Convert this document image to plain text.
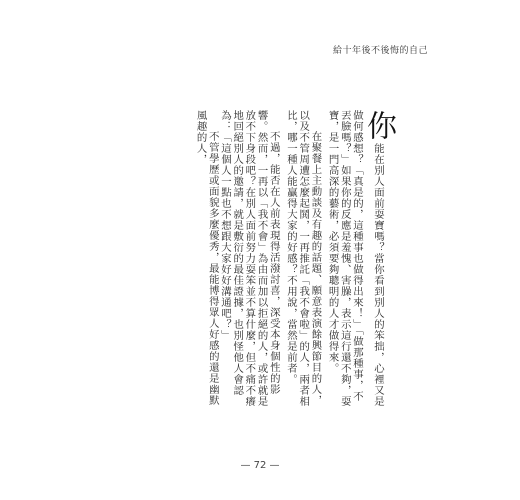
給十年後不後悔的自己

你能在別人面前耍寶嗎？當你看到別人的笨拙，心裡又是做何感想？「真是的，這種事也做得出來！」「做那種事，不丟臉嗎？」如果你的反應是羞愧、害臊，表示這行還不夠，耍寶，是一門高深的藝術，必須要夠聰明的人才做得來。

在聚餐上主動談及有趣的話題、願意表演餘興節目的人，以及不管周遭怎麼起鬨，一再推託「我不會啦」的人，兩者相比，哪一種人能贏得大家的好感？不用說，當然是前者。

不過，能否在人前表現得活潑討喜，深受本身個性的影響。然而，一再以「我不會」為由而加以拒絕的人，或許就是放不下身段吧？在別人面前努力耍笨並不算什麼，但不痛不癢地回絕別人的邀請，就是敷衍的最佳證據，也別怪他人會認為：「這個人一點也不想跟大家好好溝通吧？」

不管學歷或面貌多麼優秀，最能博得眾人好感的還是幽默風趣的人，

— 72 —
